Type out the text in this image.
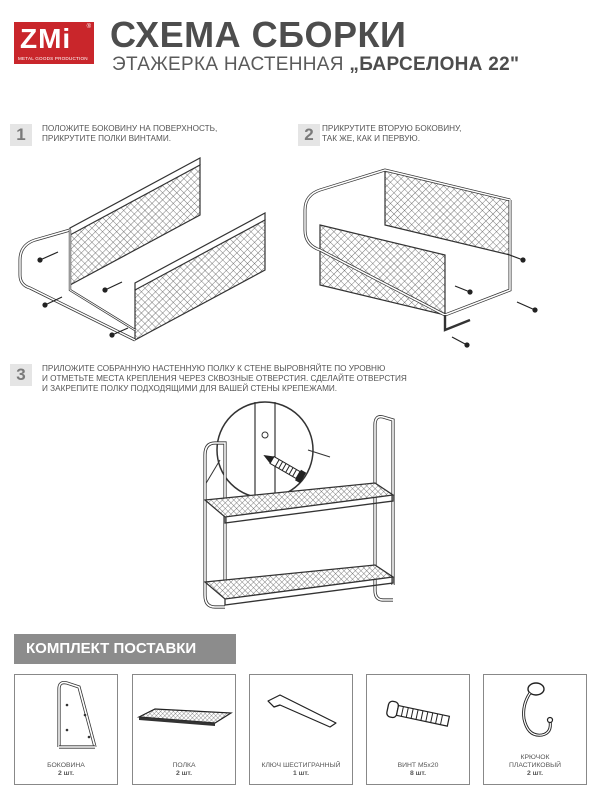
ZMi	®
METAL GOODS PRODUCTION
СХЕМА СБОРКИ
ЭТАЖЕРКА НАСТЕННАЯ „БАРСЕЛОНА 22"
1	ПОЛОЖИТЕ БОКОВИНУ НА ПОВЕРХНОСТЬ,
ПРИКРУТИТЕ ПОЛКИ ВИНТАМИ.	2	ПРИКРУТИТЕ ВТОРУЮ БОКОВИНУ,
ТАК ЖЕ, КАК И ПЕРВУЮ.
3	ПРИЛОЖИТЕ СОБРАННУЮ НАСТЕННУЮ ПОЛКУ К СТЕНЕ ВЫРОВНЯЙТЕ ПО УРОВНЮ
И ОТМЕТЬТЕ МЕСТА КРЕПЛЕНИЯ ЧЕРЕЗ СКВОЗНЫЕ ОТВЕРСТИЯ. СДЕЛАЙТЕ ОТВЕРСТИЯ
И ЗАКРЕПИТЕ ПОЛКУ ПОДХОДЯЩИМИ ДЛЯ ВАШЕЙ СТЕНЫ КРЕПЕЖАМИ.
КОМПЛЕКТ ПОСТАВКИ
БОКОВИНА
2 шт.
ПОЛКА
2 шт.
КЛЮЧ ШЕСТИГРАННЫЙ
1 шт.
ВИНТ М5x20
8 шт.
КРЮЧОК
ПЛАСТИКОВЫЙ
2 шт.
